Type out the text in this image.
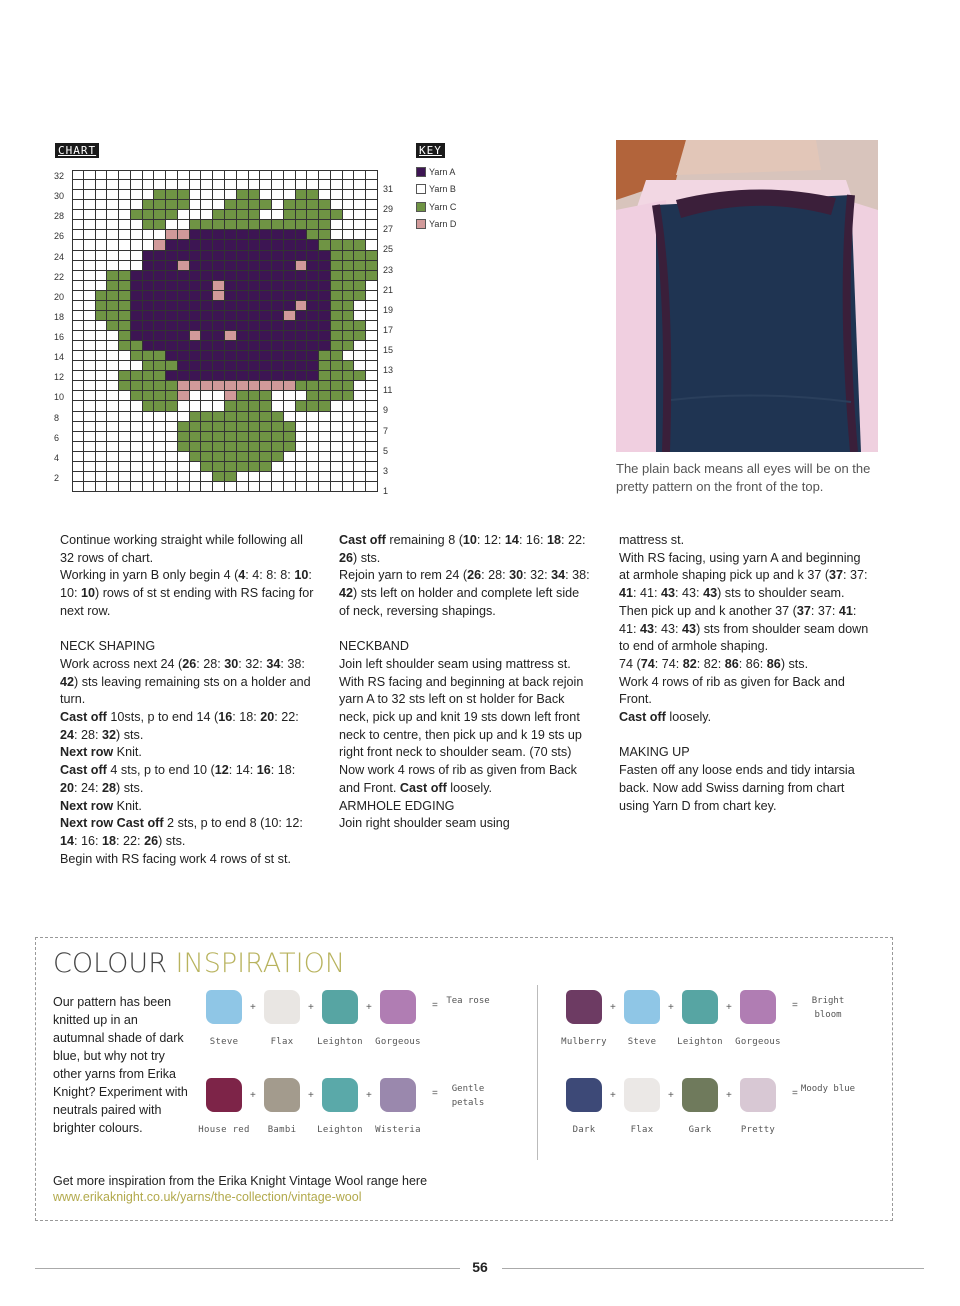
CHART
32
30
28
26
24
22
20
18
16
14
12
10
8
6
4
2
31
29
27
25
23
21
19
17
15
13
11
9
7
5
3
1
KEY
Yarn A
Yarn B
Yarn C
Yarn D
The plain back means all eyes will be on the pretty pattern on the front of the top.

Continue working straight while following all 32 rows of chart.

Working in yarn B only begin 4 (4: 4: 8: 8: 10: 10: 10) rows of st st ending with RS facing for next row.

NECK SHAPING

Work across next 24 (26: 28: 30: 32: 34: 38: 42) sts leaving remaining sts on a holder and turn.

Cast off 10sts, p to end 14 (16: 18: 20: 22: 24: 28: 32) sts.

Next row Knit.

Cast off 4 sts, p to end 10 (12: 14: 16: 18: 20: 24: 28) sts.

Next row Knit.

Next row Cast off 2 sts, p to end 8 (10: 12: 14: 16: 18: 22: 26) sts.

Begin with RS facing work 4 rows of st st.

Cast off remaining 8 (10: 12: 14: 16: 18: 22: 26) sts.

Rejoin yarn to rem 24 (26: 28: 30: 32: 34: 38: 42) sts left on holder and complete left side of neck, reversing shapings.

NECKBAND

Join left shoulder seam using mattress st.

With RS facing and beginning at back rejoin yarn A to 32 sts left on st holder for Back neck, pick up and knit 19 sts down left front neck to centre, then pick up and k 19 sts up right front neck to shoulder seam. (70 sts)

Now work 4 rows of rib as given from Back and Front. Cast off loosely.

ARMHOLE EDGING

Join right shoulder seam using

mattress st.

With RS facing, using yarn A and beginning at armhole shaping pick up and k 37 (37: 37: 41: 41: 43: 43: 43) sts to shoulder seam. Then pick up and k another 37 (37: 37: 41: 41: 43: 43: 43) sts from shoulder seam down to end of armhole shaping.

74 (74: 74: 82: 82: 86: 86: 86) sts.

Work 4 rows of rib as given for Back and Front.

Cast off loosely.

MAKING UP

Fasten off any loose ends and tidy intarsia back. Now add Swiss darning from chart using Yarn D from chart key.

COLOUR INSPIRATION
Our pattern has been knitted up in an autumnal shade of dark blue, but why not try other yarns from Erika Knight? Experiment with neutrals paired with brighter colours.
Steve
+
Flax
+
Leighton
+
Gorgeous
= Tea rose
House red
+
Bambi
+
Leighton
+
Wisteria
=	Gentle petals
Mulberry
+
Steve
+
Leighton
+
Gorgeous
=	Bright bloom
Dark
+
Flax
+
Gark
+
Pretty
= Moody blue
Get more inspiration from the Erika Knight Vintage Wool range here
www.erikaknight.co.uk/yarns/the-collection/vintage-wool
56
